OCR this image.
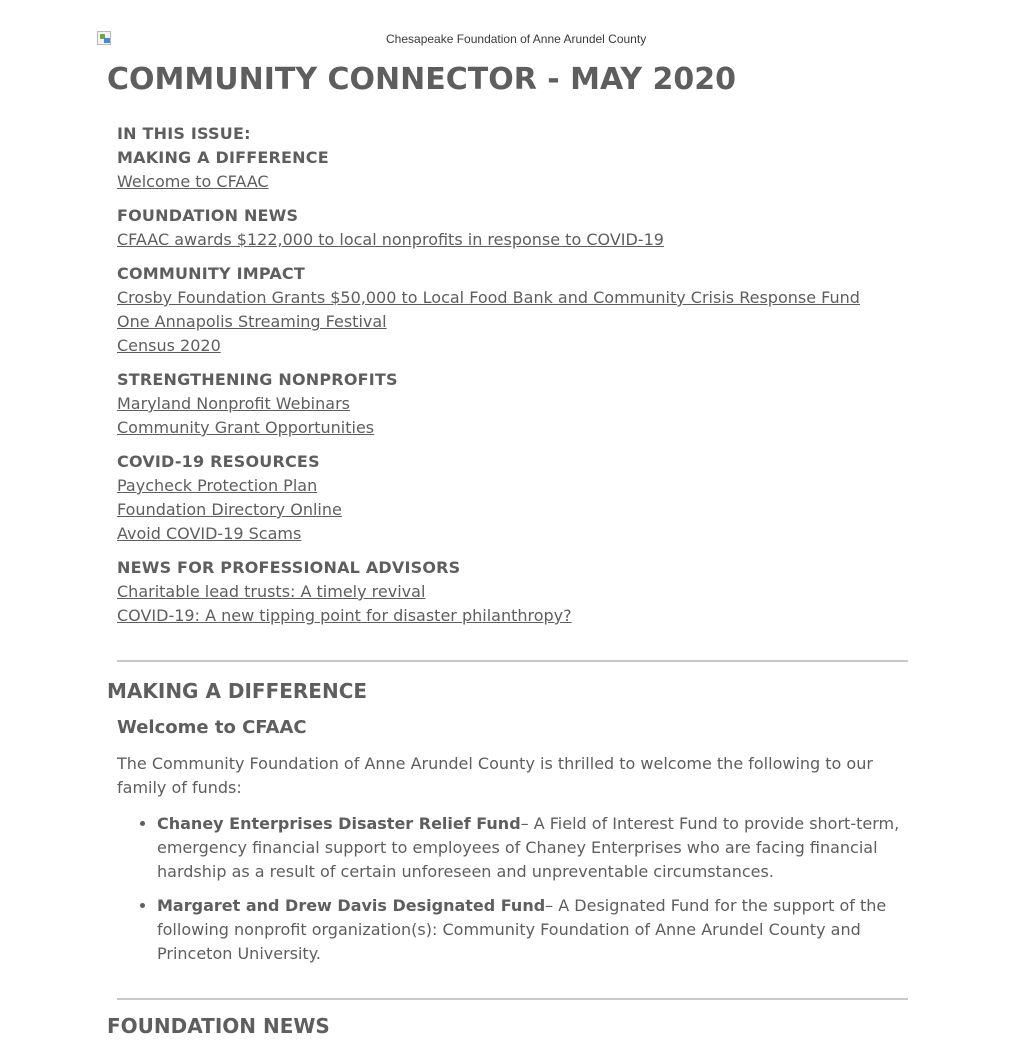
Chesapeake Foundation of Anne Arundel County
COMMUNITY CONNECTOR - MAY 2020
IN THIS ISSUE:
MAKING A DIFFERENCE
Welcome to CFAAC
FOUNDATION NEWS
CFAAC awards $122,000 to local nonprofits in response to COVID-19
COMMUNITY IMPACT
Crosby Foundation Grants $50,000 to Local Food Bank and Community Crisis Response Fund
One Annapolis Streaming Festival
Census 2020
STRENGTHENING NONPROFITS
Maryland Nonprofit Webinars
Community Grant Opportunities
COVID-19 RESOURCES
Paycheck Protection Plan
Foundation Directory Online
Avoid COVID-19 Scams
NEWS FOR PROFESSIONAL ADVISORS
Charitable lead trusts: A timely revival
COVID-19: A new tipping point for disaster philanthropy?
MAKING A DIFFERENCE
Welcome to CFAAC

The Community Foundation of Anne Arundel County is thrilled to welcome the following to our family of funds:

• Chaney Enterprises Disaster Relief Fund– A Field of Interest Fund to provide short-term, emergency financial support to employees of Chaney Enterprises who are facing financial hardship as a result of certain unforeseen and unpreventable circumstances.
• Margaret and Drew Davis Designated Fund– A Designated Fund for the support of the following nonprofit organization(s): Community Foundation of Anne Arundel County and Princeton University.
FOUNDATION NEWS
